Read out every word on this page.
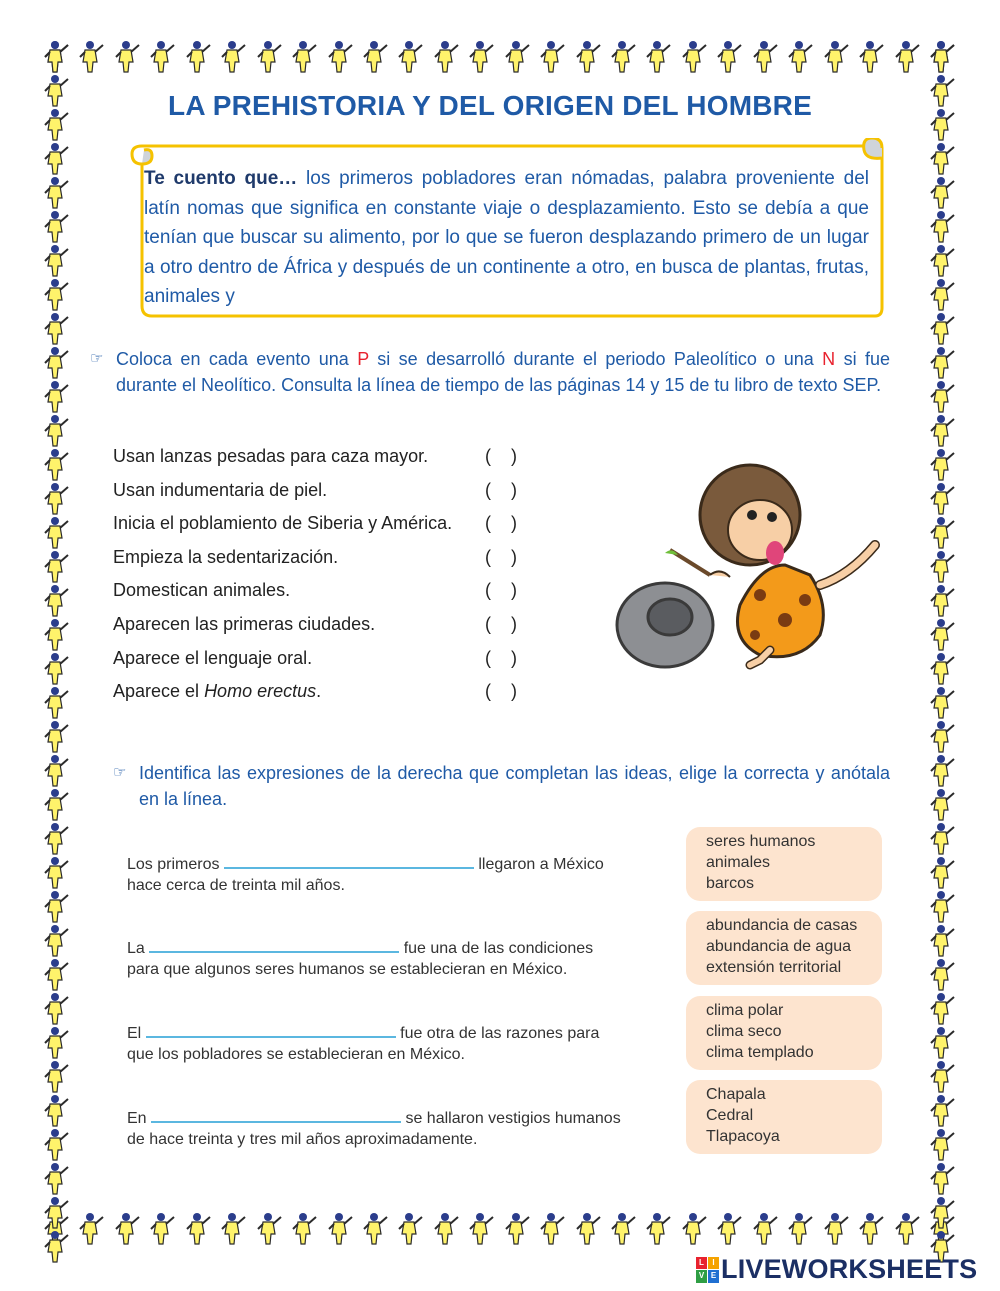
LA PREHISTORIA Y DEL ORIGEN DEL HOMBRE
Te cuento que… los primeros pobladores eran nómadas, palabra proveniente del latín nomas que significa en constante viaje o desplazamiento. Esto se debía a que tenían que buscar su alimento, por lo que se fueron desplazando primero de un lugar a otro dentro de África y después de un continente a otro, en busca de plantas, frutas, animales y
☞ Coloca en cada evento una P si se desarrolló durante el periodo Paleolítico o una N si fue durante el Neolítico. Consulta la línea de tiempo de las páginas 14 y 15 de tu libro de texto SEP.
Usan lanzas pesadas para caza mayor.	(    )
Usan indumentaria de piel.	(    )
Inicia el poblamiento de Siberia y América. (    )
Empieza la sedentarización.	(    )
Domestican animales.	(    )
Aparecen las primeras ciudades.	(    )
Aparece el lenguaje oral.	(    )
Aparece el Homo erectus.	(    )
☞ Identifica las expresiones de la derecha que completan las ideas, elige la correcta y anótala en la línea.
Los primeros	llegaron a México
hace cerca de treinta mil años.
La	fue una de las condiciones
para que algunos seres humanos se establecieran en México.
El	fue otra de las razones para
que los pobladores se establecieran en México.
En	se hallaron vestigios humanos
de hace treinta y tres mil años aproximadamente.
seres humanos
animales
barcos
abundancia de casas
abundancia de agua
extensión territorial
clima polar
clima seco
clima templado
Chapala
Cedral
Tlapacoya
L	I
V E LIVEWORKSHEETS
